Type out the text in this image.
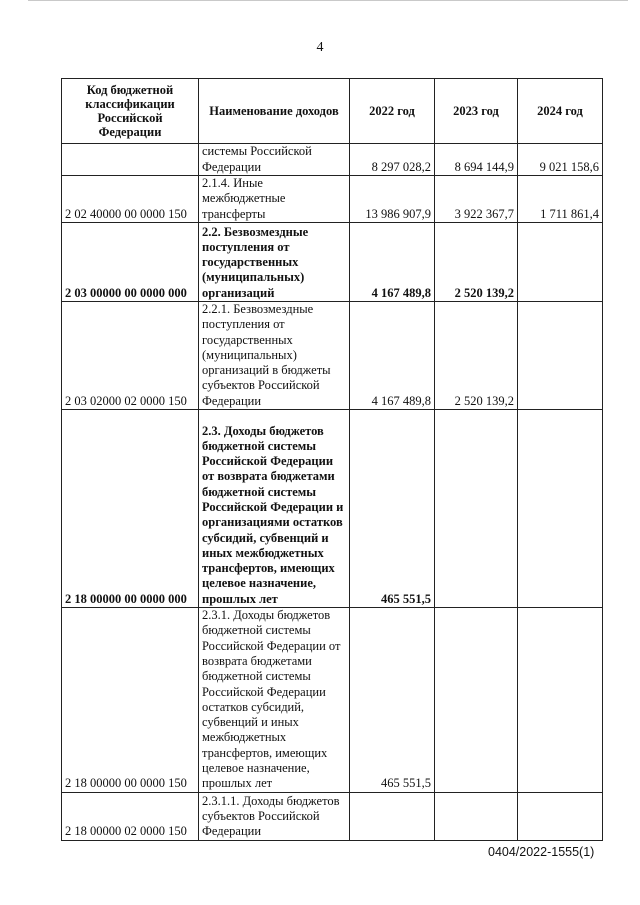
4
Код бюджетной классификации Российской Федерации	Наименование доходов	2022 год	2023 год	2024 год
	системы Российской Федерации	8 297 028,2	8 694 144,9	9 021 158,6
2 02 40000 00 0000 150	2.1.4. Иные межбюджетные трансферты	13 986 907,9	3 922 367,7	1 711 861,4
2 03 00000 00 0000 000	2.2. Безвозмездные поступления от государственных (муниципальных) организаций	4 167 489,8	2 520 139,2	
2 03 02000 02 0000 150	2.2.1. Безвозмездные поступления от государственных (муниципальных) организаций в бюджеты субъектов Российской Федерации	4 167 489,8	2 520 139,2	
2 18 00000 00 0000 000	2.3. Доходы бюджетов бюджетной системы Российской Федерации от возврата бюджетами бюджетной системы Российской Федерации и организациями остатков субсидий, субвенций и иных межбюджетных трансфертов, имеющих целевое назначение, прошлых лет	465 551,5		
2 18 00000 00 0000 150	2.3.1. Доходы бюджетов бюджетной системы Российской Федерации от возврата бюджетами бюджетной системы Российской Федерации остатков субсидий, субвенций и иных межбюджетных трансфертов, имеющих целевое назначение, прошлых лет	465 551,5		
2 18 00000 02 0000 150	2.3.1.1. Доходы бюджетов субъектов Российской Федерации			
0404/2022-1555(1)
